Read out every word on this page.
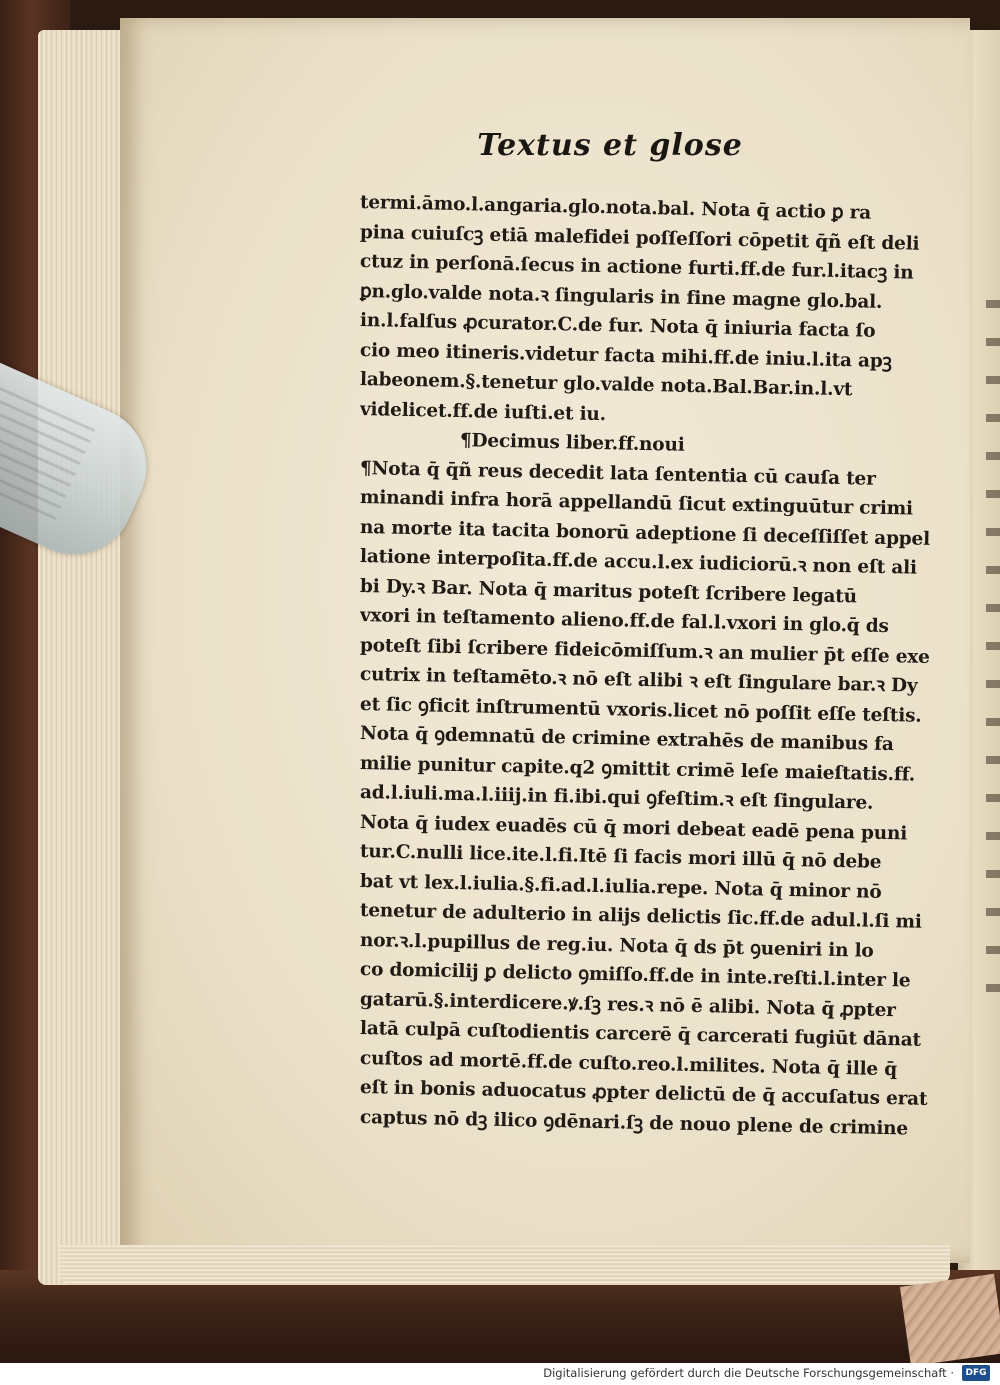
Textus et glose
termi.āmo.l.angaria.glo.nota.bal. Nota q̄ actio ꝑ ra
pina cuiuſcꝫ etiā malefidei poſſeſſori cōpetit q̄ñ eſt deli
ctuz in perſonā.ſecus in actione furti.ff.de fur.l.itacꝫ in
ꝑn.glo.valde nota.ꝛ ſingularis in fine magne glo.bal.
in.l.falſus ꝓcurator.C.de fur. Nota q̄ iniuria facta ſo
cio meo itineris.videtur facta mihi.ff.de iniu.l.ita apꝫ
labeonem.§.tenetur glo.valde nota.Bal.Bar.in.l.vt
videlicet.ff.de iuſti.et iu.
¶Decimus liber.ff.noui
¶Nota q̄ q̄ñ reus decedit lata ſententia cū cauſa ter
minandi infra horā appellandū ſicut extinguūtur crimi
na morte ita tacita bonorū adeptione ſi deceſſiſſet appel
latione interpoſita.ff.de accu.l.ex iudiciorū.ꝛ non eſt ali
bi Dy.ꝛ Bar. Nota q̄ maritus poteſt ſcribere legatū
vxori in teſtamento alieno.ff.de fal.l.vxori in glo.q̄ ds
poteſt ſibi ſcribere fideicōmiſſum.ꝛ an mulier p̄t eſſe exe
cutrix in teſtamēto.ꝛ nō eſt alibi ꝛ eſt ſingulare bar.ꝛ Dy
et ſic ꝯficit inſtrumentū vxoris.licet nō poſſit eſſe teſtis.
Nota q̄ ꝯdemnatū de crimine extrahēs de manibus fa
milie punitur capite.q2 ꝯmittit crimē leſe maieſtatis.ff.
ad.l.iuli.ma.l.iiij.in fi.ibi.qui ꝯfeſtim.ꝛ eſt ſingulare.
Nota q̄ iudex euadēs cū q̄ mori debeat eadē pena puni
tur.C.nulli lice.ite.l.fi.Itē ſi facis mori illū q̄ nō debe
bat vt lex.l.iulia.§.fi.ad.l.iulia.repe. Nota q̄ minor nō
tenetur de adulterio in alijs delictis ſic.ff.de adul.l.ſi mi
nor.ꝛ.l.pupillus de reg.iu. Nota q̄ ds p̄t ꝯueniri in lo
co domicilij ꝑ delicto ꝯmiſſo.ff.de in inte.reſti.l.inter le
gatarū.§.interdicere.ꝟ.ſꝫ res.ꝛ nō ē alibi. Nota q̄ ꝓpter
latā culpā cuſtodientis carcerē q̄ carcerati fugiūt dānat
cuſtos ad mortē.ff.de cuſto.reo.l.milites. Nota q̄ ille q̄
eſt in bonis aduocatus ꝓpter delictū de q̄ accuſatus erat
captus nō dꝫ ilico ꝯdēnari.ſꝫ de nouo plene de crimine
Digitalisierung gefördert durch die Deutsche Forschungsgemeinschaft ·	DFG
